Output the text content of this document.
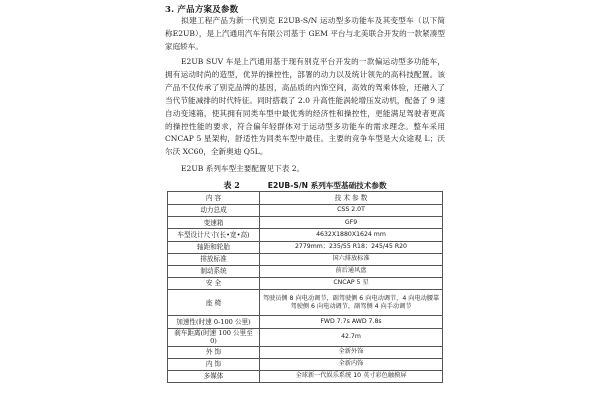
3. 产品方案及参数

拟建工程产品为新一代别克 E2UB-S/N 运动型多功能车及其变型车（以下简称E2UB），是上汽通用汽车有限公司基于 GEM 平台与北美联合开发的一款紧凑型家庭轿车。

E2UB SUV 车是上汽通用基于现有别克平台开发的一款偏运动型多功能车，拥有运动时尚的造型，优异的操控性，部署的动力以及统计领先的高科技配置。该产品不仅传承了别克品牌的基因，高品质的内饰空间，高效的驾乘体验，还融入了当代节能减排的时代特征。同时搭载了 2.0 升高性能涡轮增压发动机，配备了 9 速自动变速箱，使其拥有同类车型中最优秀的经济性和操控性，更能满足驾驶者更高的操控性能的要求，符合偏年轻群体对于运动型多功能车的需求理念。整车采用 CNCAP 5 星架构，舒适性为同类车型中最佳。主要的竞争车型是大众途观 L；沃尔沃 XC60，全新奥迪 Q5L。

E2UB 系列车型主要配置见下表 2。

表 2	E2UB-S/N 系列车型基础技术参数
内 容	技 术 参 数
动力总成	CSS 2.0T
变速箱	GF9
车型设计尺寸(长•宽•高)	4632X1880X1624 mm
轴距和轮胎	2779mm；235/55 R18；245/45 R20
排放标准	国六排放标准
制动系统	前后通风盘
安 全	CNCAP 5 星
座 椅	驾驶员侧 8 向电动调节，副驾驶侧 6 向电动调节，4 向电动腰靠
驾驶侧 6 向电动调节，副驾侧 4 向手动调节

加速性(时速 0-100 公里)	FWD 7.7s AWD 7.8s
刹车距离(时速 100 公里至 0)	42.7m
外 饰	全新外饰
内 饰	全新内饰
多媒体	全球新一代娱乐系统 10 英寸彩色触摸屏
